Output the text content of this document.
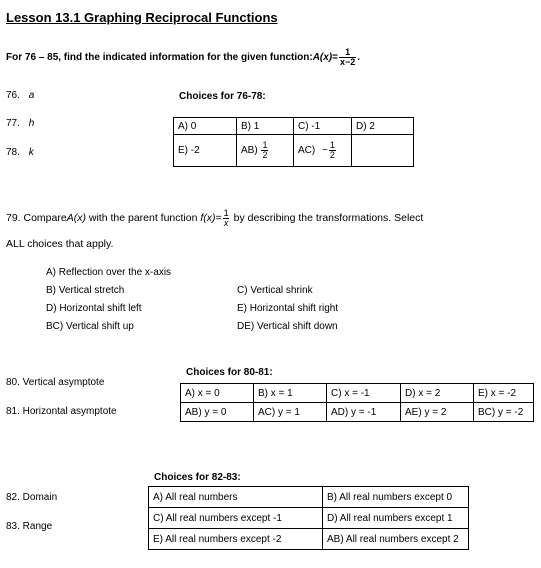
Lesson 13.1 Graphing Reciprocal Functions
For 76 – 85, find the indicated information for the given function: $A(x) = \frac{1}{x-2}$ .
76. a
77. h
78. k
Choices for 76-78:
A) 0	B) 1	C) -1	D) 2
E) -2	$AB) \frac{1}{2}$	$AC) - \frac{1}{2}$

79. Compare A(x) with the parent function $f(x) = \frac{1}{x}$ by describing the transformations. Select
ALL choices that apply.
A) Reflection over the x-axis
B) Vertical stretch
D) Horizontal shift left
BC) Vertical shift up
C) Vertical shrink
E) Horizontal shift right
DE) Vertical shift down
Choices for 80-81:
80. Vertical asymptote
81. Horizontal asymptote
A) x = 0	B) x = 1	C) x = -1	D) x = 2	E) x = -2
AB) y = 0	AC) y = 1	AD) y = -1	AE) y = 2	BC) y = -2
Choices for 82-83:
82. Domain
83. Range
A) All real numbers	B) All real numbers except 0
C) All real numbers except -1	D) All real numbers except 1
E) All real numbers except -2	AB) All real numbers except 2
